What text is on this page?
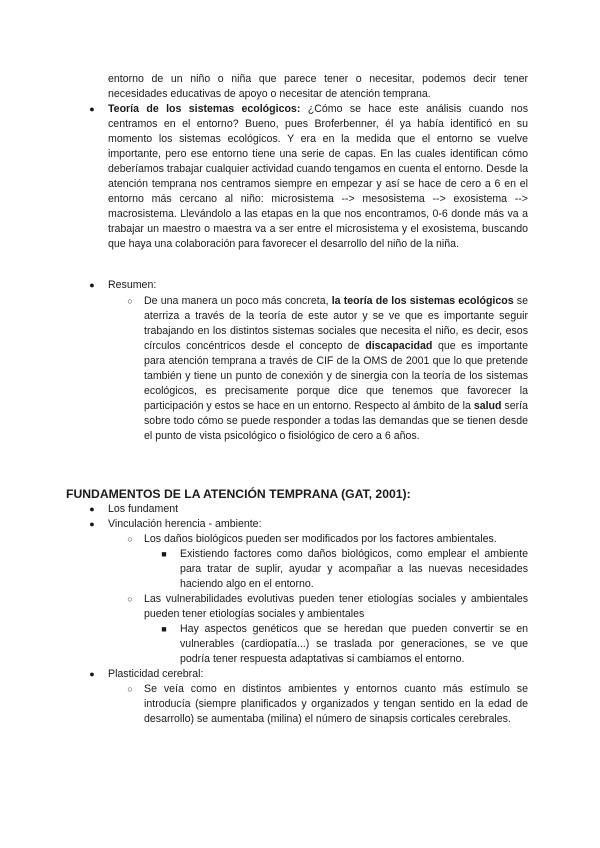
entorno de un niño o niña que parece tener o necesitar, podemos decir tener necesidades educativas de apoyo o necesitar de atención temprana.

●	Teoría de los sistemas ecológicos: ¿Cómo se hace este análisis cuando nos centramos en el entorno? Bueno, pues Broferbenner, él ya había identificó en su momento los sistemas ecológicos. Y era en la medida que el entorno se vuelve importante, pero ese entorno tiene una serie de capas. En las cuales identifican cómo deberíamos trabajar cualquier actividad cuando tengamos en cuenta el entorno. Desde la atención temprana nos centramos siempre en empezar y así se hace de cero a 6 en el entorno más cercano al niño: microsistema --> mesosistema --> exosistema --> macrosistema. Llevándolo a las etapas en la que nos encontramos, 0-6 donde más va a trabajar un maestro o maestra va a ser entre el microsistema y el exosistema, buscando que haya una colaboración para favorecer el desarrollo del niño de la niña.

●	Resumen:

○	De una manera un poco más concreta, la teoría de los sistemas ecológicos se aterriza a través de la teoría de este autor y se ve que es importante seguir trabajando en los distintos sistemas sociales que necesita el niño, es decir, esos círculos concéntricos desde el concepto de discapacidad que es importante para atención temprana a través de CIF de la OMS de 2001 que lo que pretende también y tiene un punto de conexión y de sinergia con la teoría de los sistemas ecológicos, es precisamente porque dice que tenemos que favorecer la participación y estos se hace en un entorno. Respecto al ámbito de la salud sería sobre todo cómo se puede responder a todas las demandas que se tienen desde el punto de vista psicológico o fisiológico de cero a 6 años.

FUNDAMENTOS DE LA ATENCIÓN TEMPRANA (GAT, 2001):
●	Los fundament

●	Vinculación herencia - ambiente:

○	Los daños biológicos pueden ser modificados por los factores ambientales.

■	Existiendo factores como daños biológicos, como emplear el ambiente para tratar de suplir, ayudar y acompañar a las nuevas necesidades haciendo algo en el entorno.

○	Las vulnerabilidades evolutivas pueden tener etiologías sociales y ambientales pueden tener etiologías sociales y ambientales

■	Hay aspectos genéticos que se heredan que pueden convertir se en vulnerables (cardiopatía...) se traslada por generaciones, se ve que podría tener respuesta adaptativas si cambiamos el entorno.

●	Plasticidad cerebral:

○	Se veía como en distintos ambientes y entornos cuanto más estímulo se introducía (siempre planificados y organizados y tengan sentido en la edad de desarrollo) se aumentaba (milina) el número de sinapsis corticales cerebrales.
